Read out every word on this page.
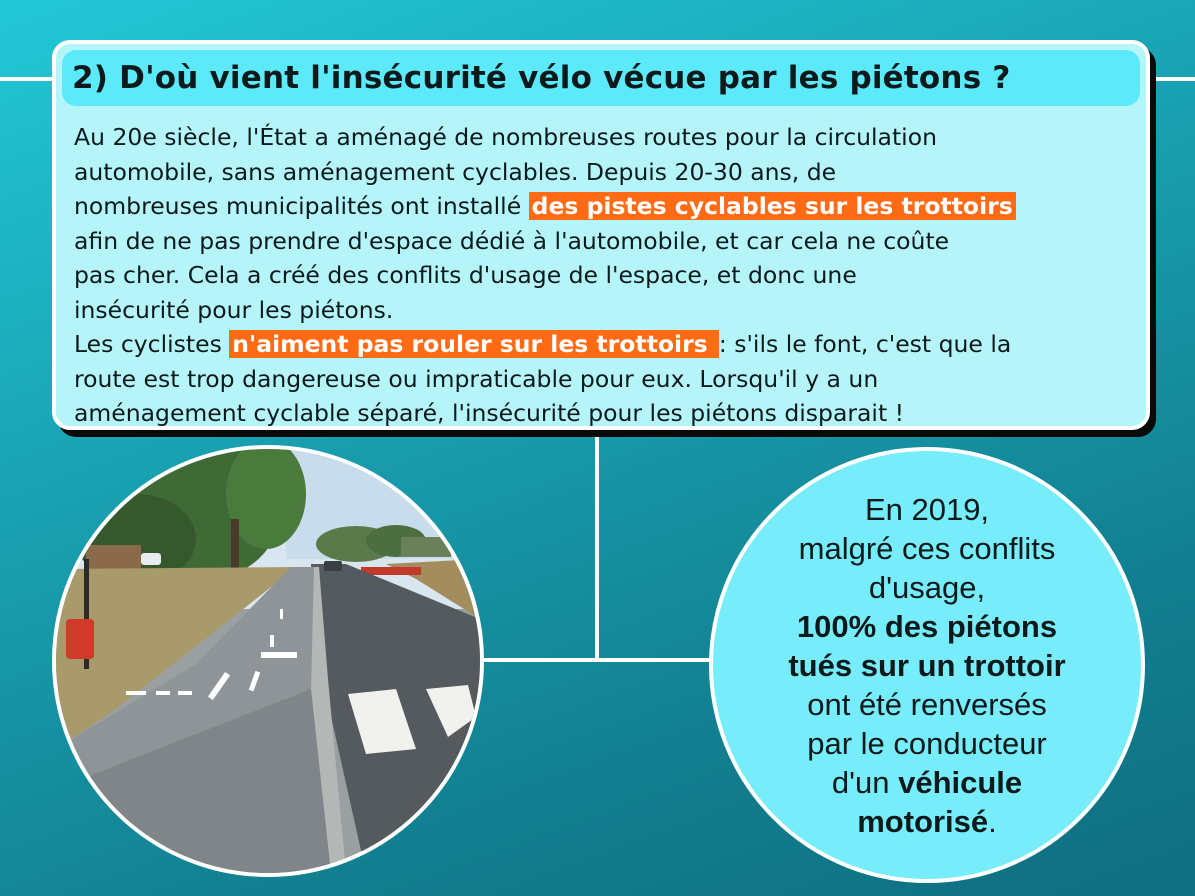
2) D'où vient l'insécurité vélo vécue par les piétons ?
Au 20e siècle, l'État a aménagé de nombreuses routes pour la circulation
automobile, sans aménagement cyclables. Depuis 20-30 ans, de
nombreuses municipalités ont installé des pistes cyclables sur les trottoirs
afin de ne pas prendre d'espace dédié à l'automobile, et car cela ne coûte
pas cher. Cela a créé des conflits d'usage de l'espace, et donc une
insécurité pour les piétons.
Les cyclistes n'aiment pas rouler sur les trottoirs : s'ils le font, c'est que la
route est trop dangereuse ou impraticable pour eux. Lorsqu'il y a un
aménagement cyclable séparé, l'insécurité pour les piétons disparait !
En 2019,
malgré ces conflits
d'usage,
100% des piétons
tués sur un trottoir
ont été renversés
par le conducteur
d'un véhicule
motorisé.
